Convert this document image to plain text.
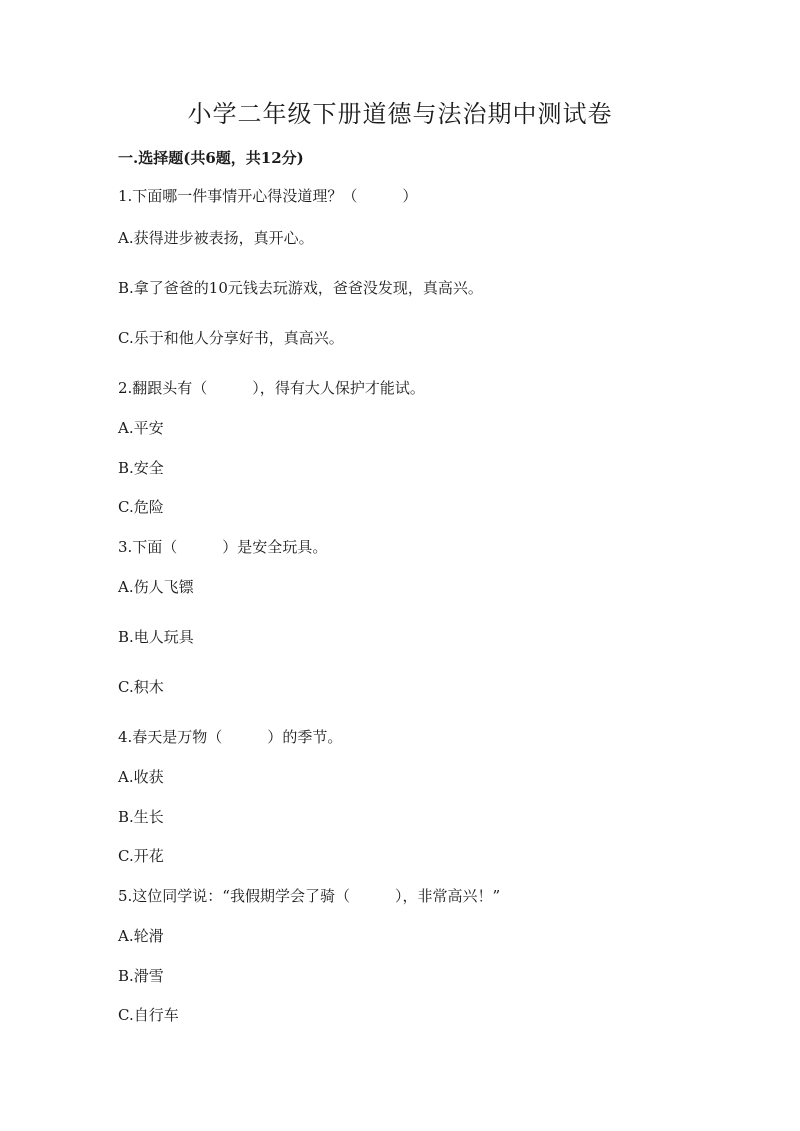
小学二年级下册道德与法治期中测试卷
一.选择题(共6题，共12分)

1.下面哪一件事情开心得没道理？（　　　）

A.获得进步被表扬，真开心。

B.拿了爸爸的10元钱去玩游戏，爸爸没发现，真高兴。

C.乐于和他人分享好书，真高兴。

2.翻跟头有（　　　），得有大人保护才能试。

A.平安

B.安全

C.危险

3.下面（　　　）是安全玩具。

A.伤人飞镖

B.电人玩具

C.积木

4.春天是万物（　　　）的季节。

A.收获

B.生长

C.开花

5.这位同学说：“我假期学会了骑（　　　），非常高兴！”

A.轮滑

B.滑雪

C.自行车
